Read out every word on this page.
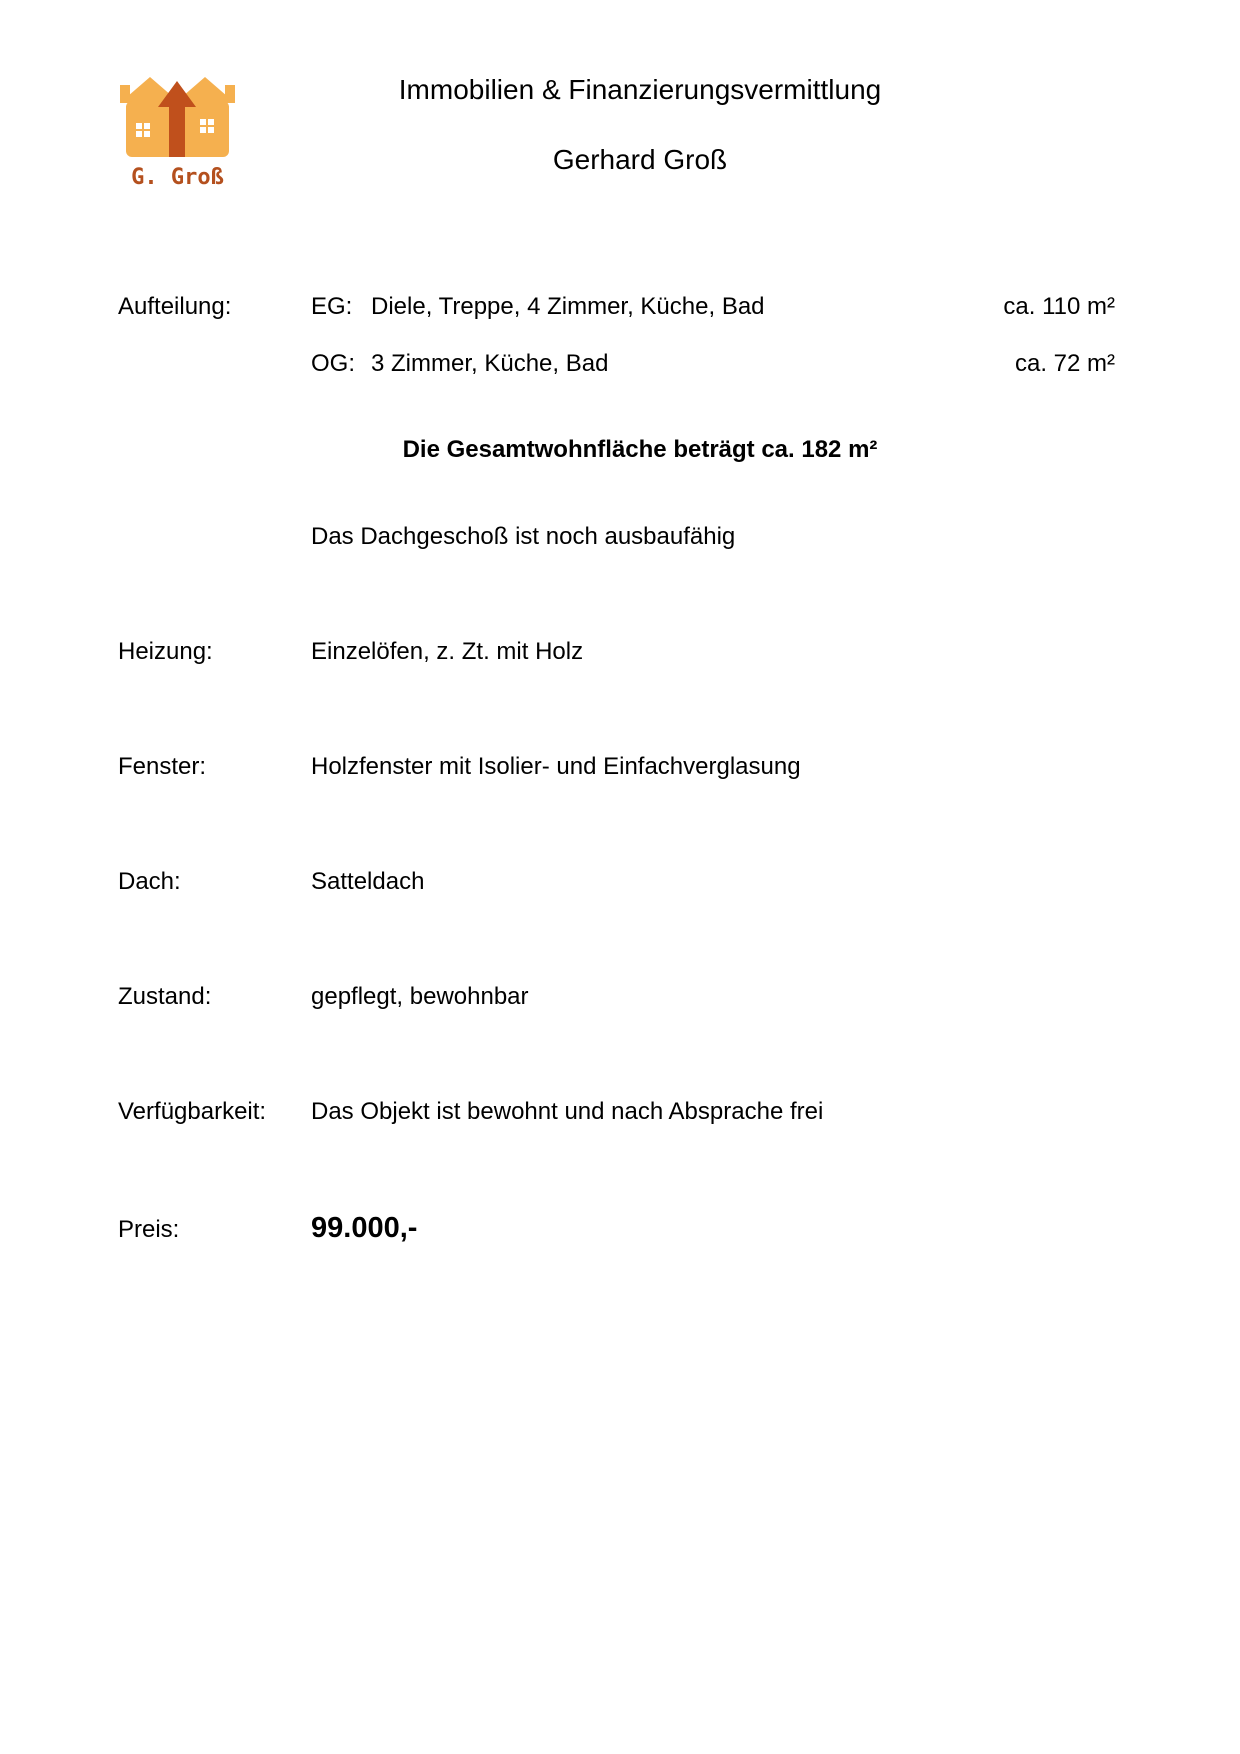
G. Groß
Immobilien & Finanzierungsvermittlung
Gerhard Groß
Aufteilung:	EG: Diele, Treppe, 4 Zimmer, Küche, Bad	ca. 110 m²
OG: 3 Zimmer, Küche, Bad	ca. 72 m²
Die Gesamtwohnfläche beträgt ca. 182 m²
Das Dachgeschoß ist noch ausbaufähig
Heizung:	Einzelöfen, z. Zt. mit Holz
Fenster:	Holzfenster mit Isolier- und Einfachverglasung
Dach:	Satteldach
Zustand:	gepflegt, bewohnbar
Verfügbarkeit: Das Objekt ist bewohnt und nach Absprache frei
Preis:	99.000,-
